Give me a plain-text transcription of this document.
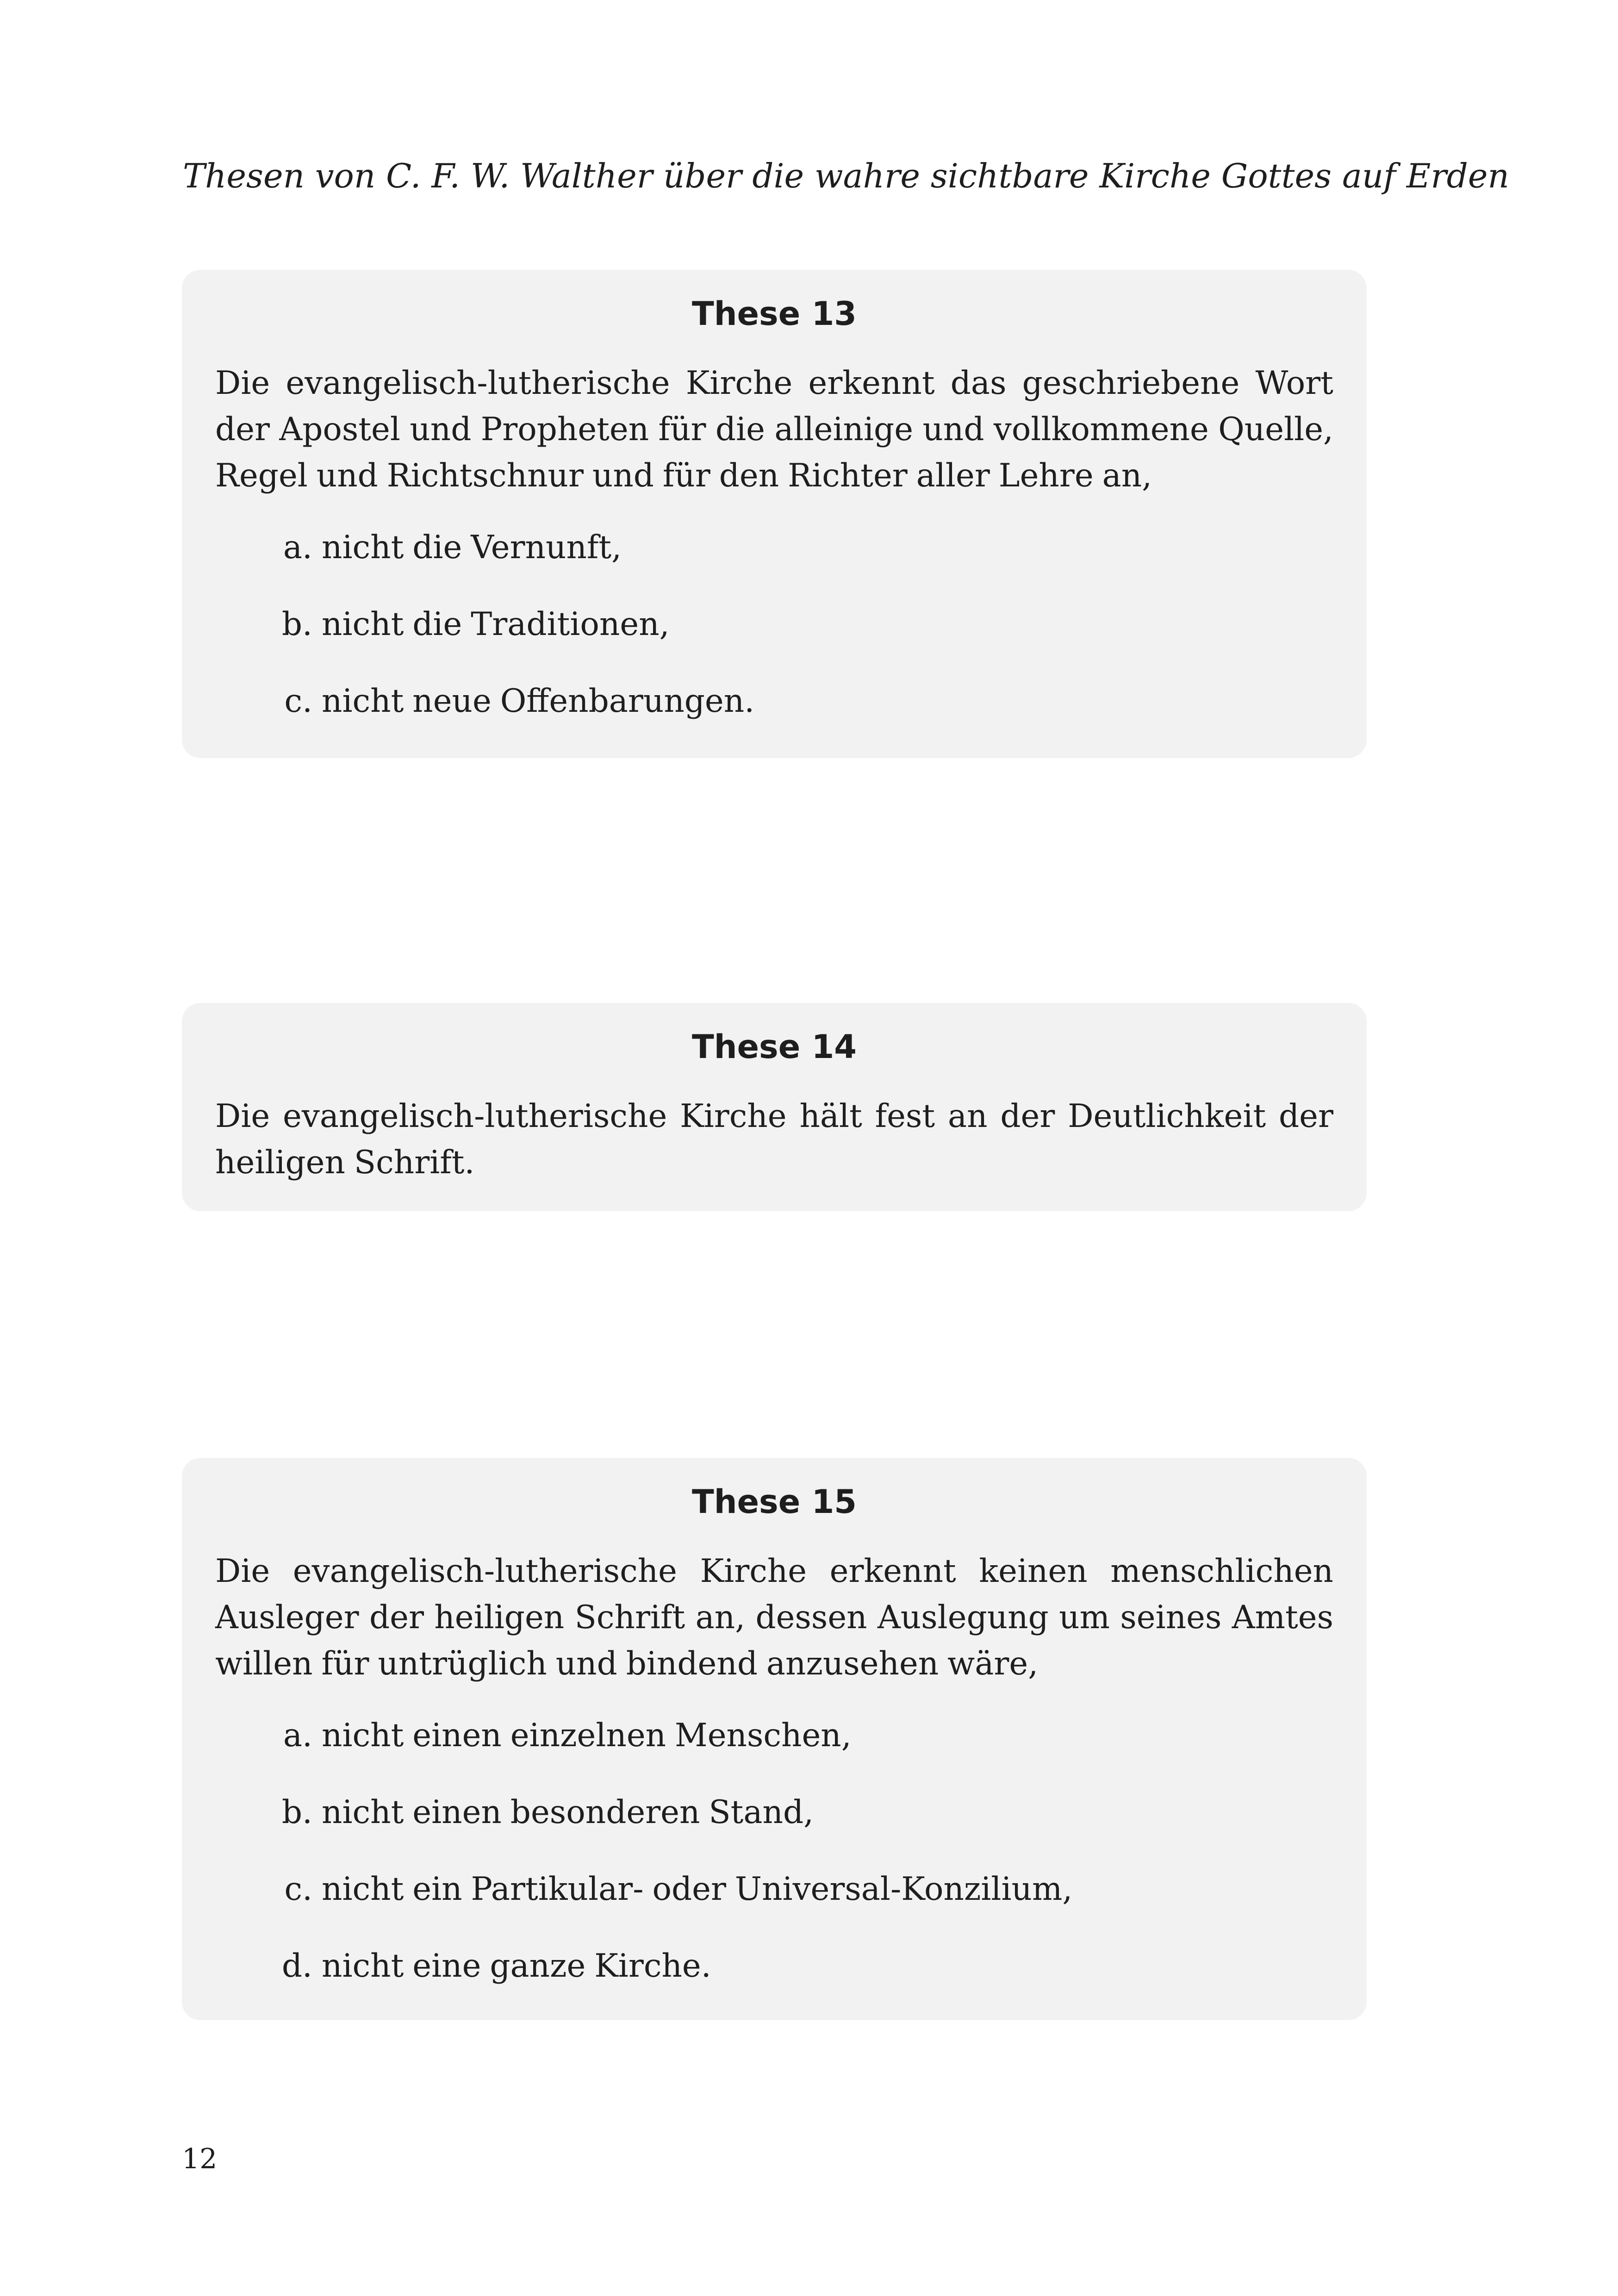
Thesen von C. F. W. Walther über die wahre sichtbare Kirche Gottes auf Erden
These 13

Die evangelisch-lutherische Kirche erkennt das geschriebene Wort der Apostel und Propheten für die alleinige und vollkommene Quelle, Regel und Richtschnur und für den Richter aller Lehre an,

a. nicht die Vernunft,
b. nicht die Traditionen,
c. nicht neue Offenbarungen.
These 14

Die evangelisch-lutherische Kirche hält fest an der Deutlichkeit der heiligen Schrift.

These 15

Die evangelisch-lutherische Kirche erkennt keinen menschlichen Ausleger der heiligen Schrift an, dessen Auslegung um seines Amtes willen für untrüglich und bindend anzusehen wäre,

a. nicht einen einzelnen Menschen,
b. nicht einen besonderen Stand,
c. nicht ein Partikular- oder Universal-Konzilium,
d. nicht eine ganze Kirche.
12
